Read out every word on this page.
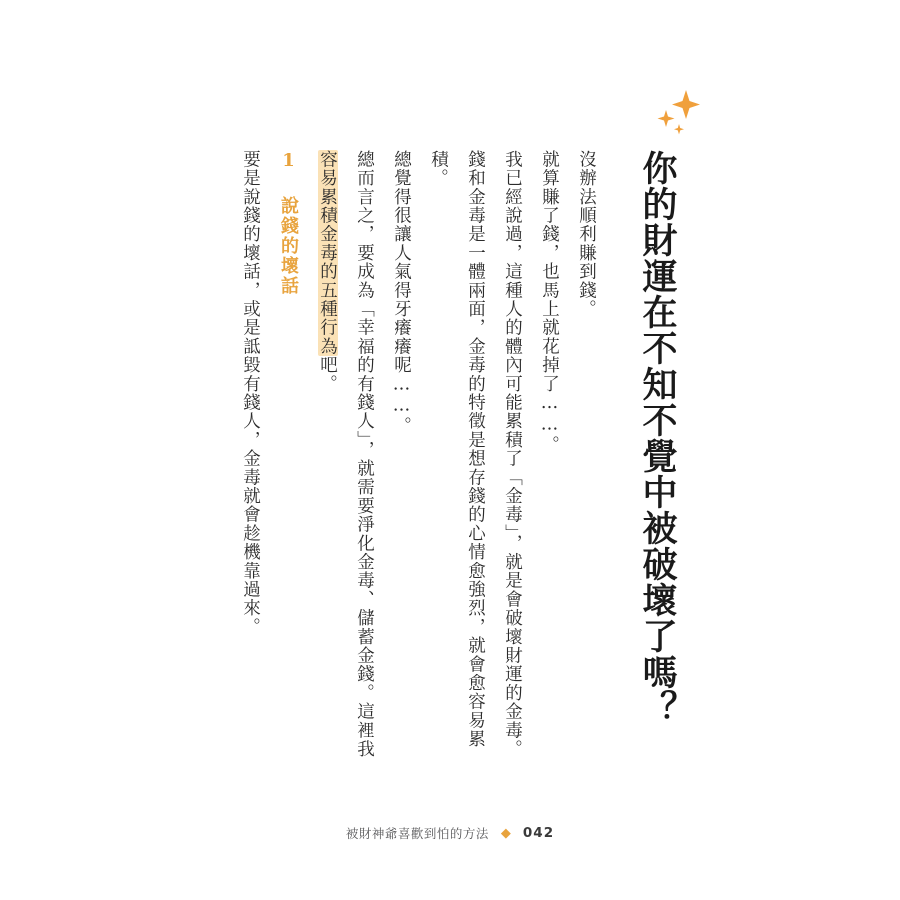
你的財運在不知不覺中被破壞了嗎？
沒辦法順利賺到錢。
就算賺了錢，也馬上就花掉了……。
我已經說過，這種人的體內可能累積了「金毒」，就是會破壞財運的金毒。
錢和金毒是一體兩面，金毒的特徵是想存錢的心情愈強烈，就會愈容易累
積。
總覺得很讓人氣得牙癢癢呢……。
總而言之，要成為「幸福的有錢人」，就需要淨化金毒、儲蓄金錢。這裡我
容易累積金毒的五種行為吧。
1 說錢的壞話
要是說錢的壞話，或是詆毀有錢人，金毒就會趁機靠過來。
被財神爺喜歡到怕的方法 ◆ 042
